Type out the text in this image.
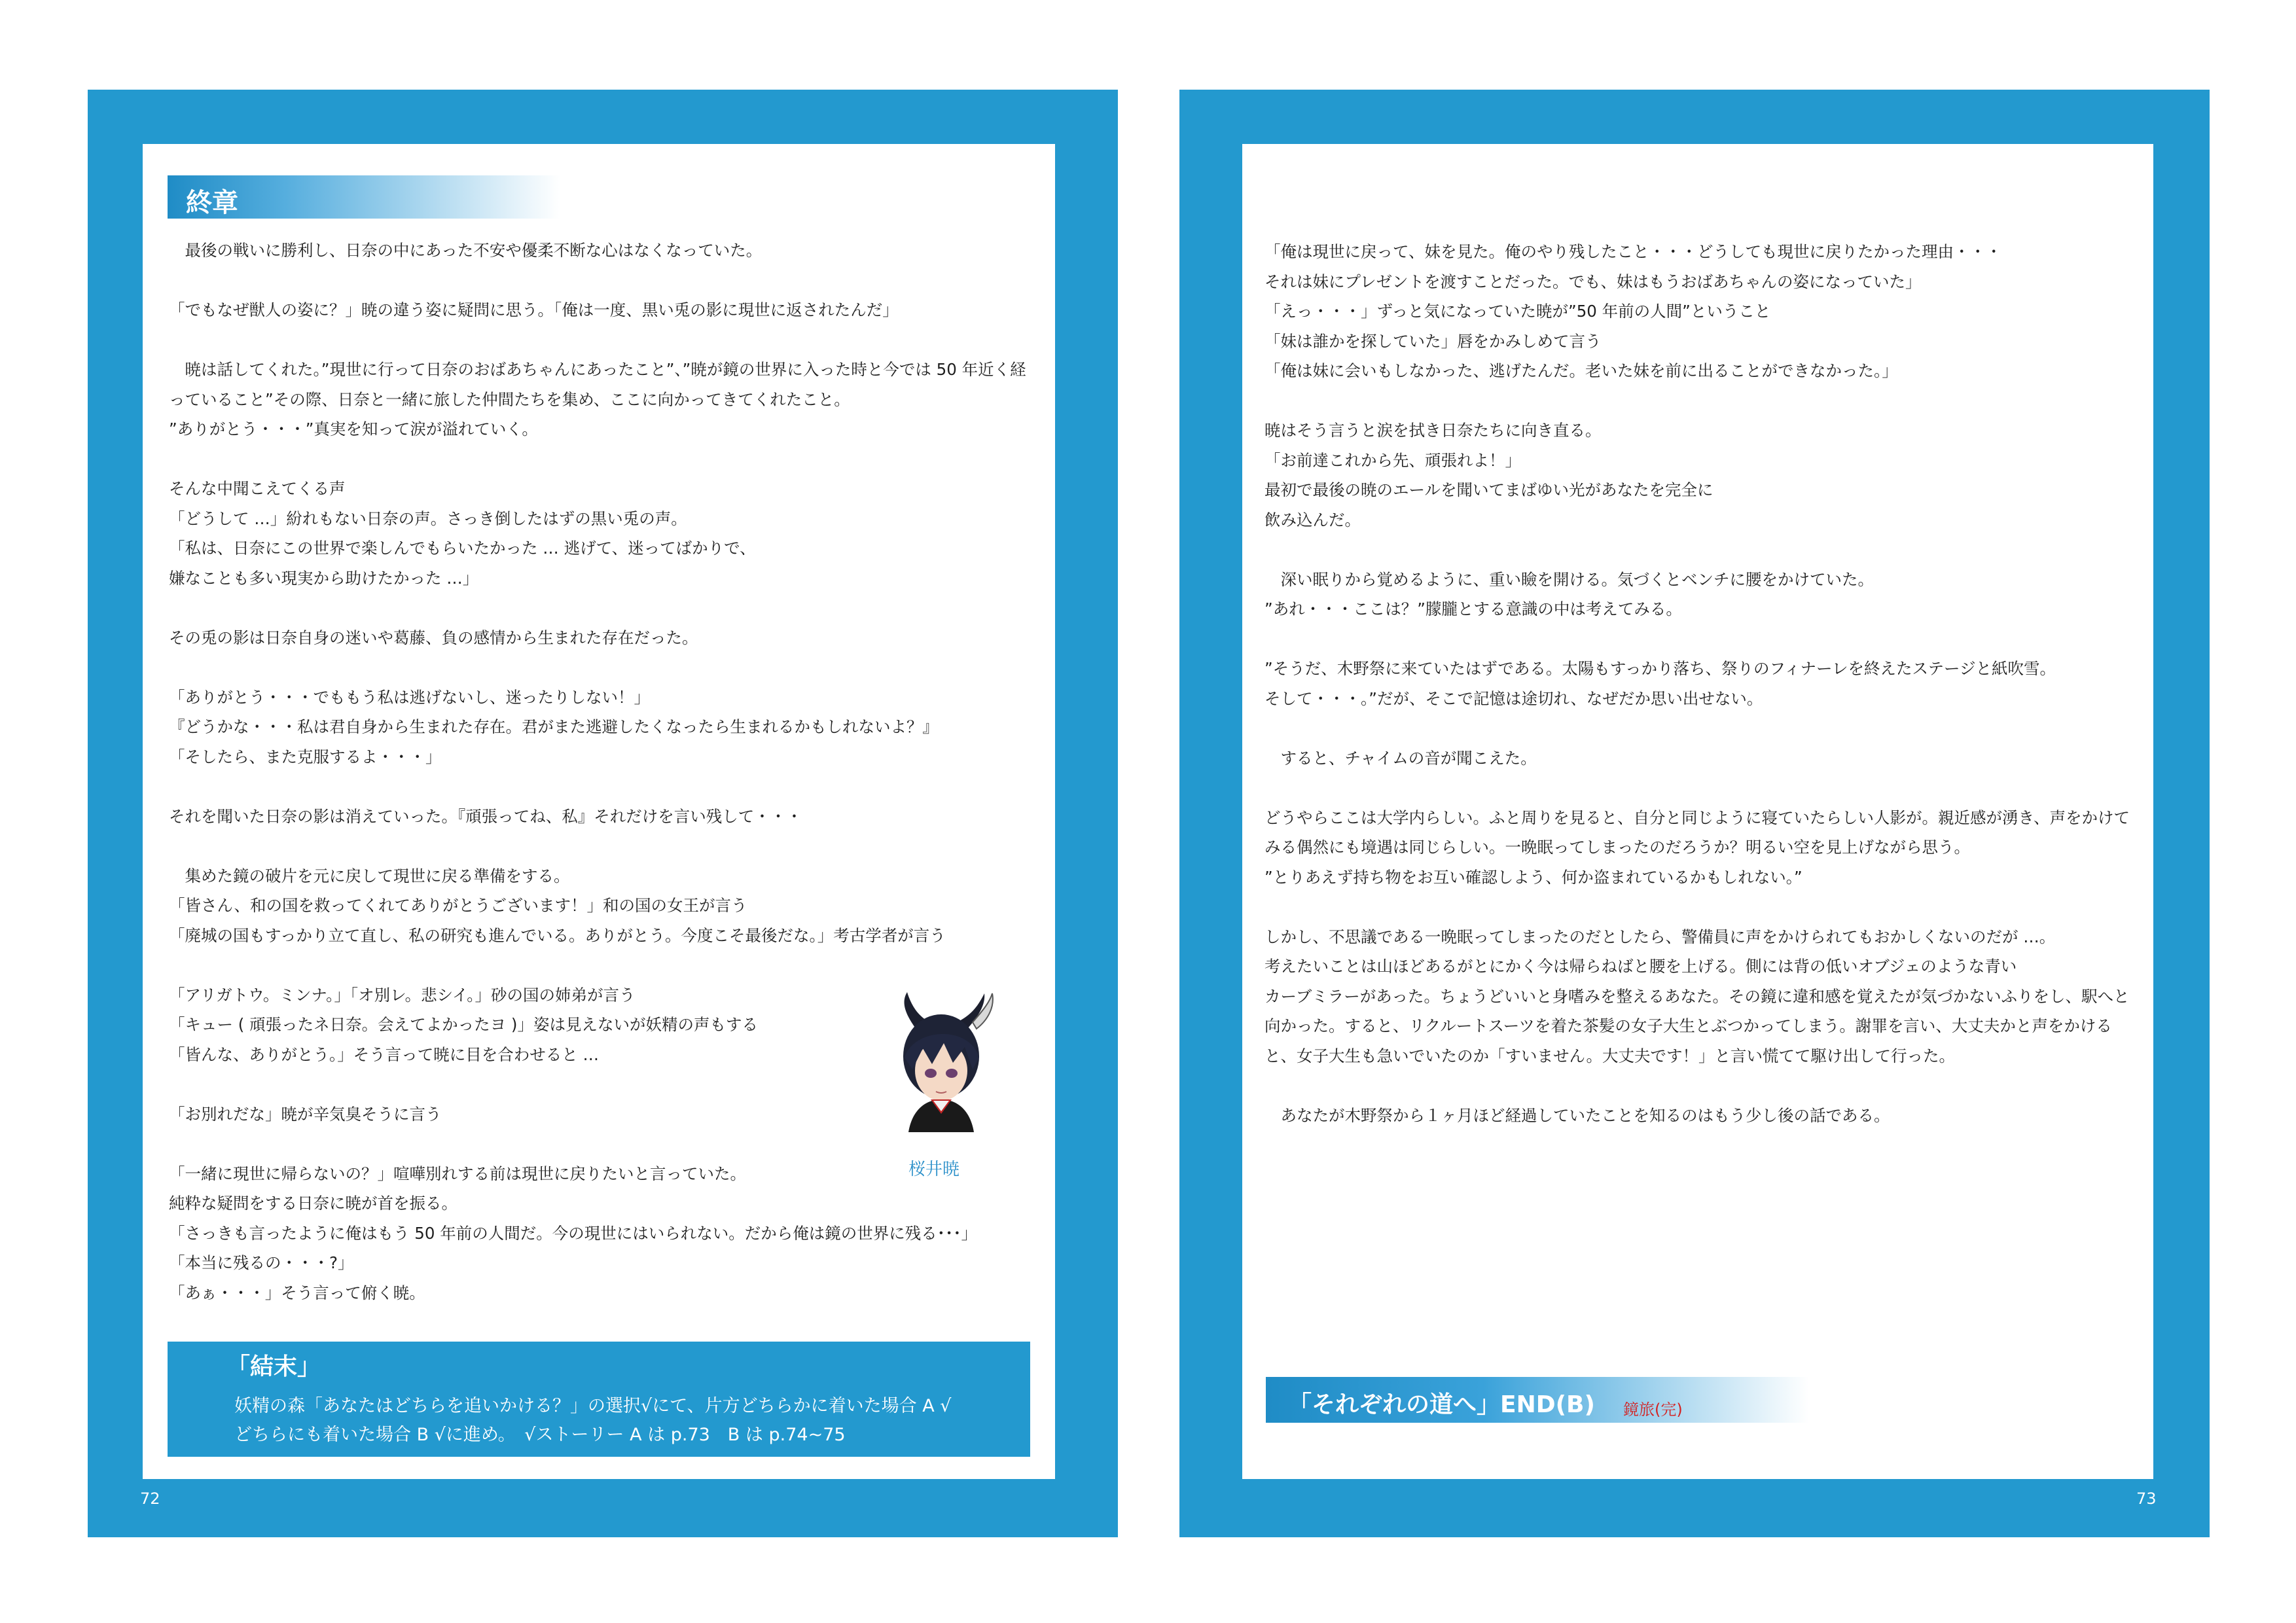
終章
　最後の戦いに勝利し、日奈の中にあった不安や優柔不断な心はなくなっていた。

「でもなぜ獣人の姿に？」暁の違う姿に疑問に思う。「俺は一度、黒い兎の影に現世に返されたんだ」

　暁は話してくれた。”現世に行って日奈のおばあちゃんにあったこと”、”暁が鏡の世界に入った時と今では 50 年近く経っていること”その際、日奈と一緒に旅した仲間たちを集め、ここに向かってきてくれたこと。
”ありがとう・・・”真実を知って涙が溢れていく。

そんな中聞こえてくる声
「どうして …」紛れもない日奈の声。さっき倒したはずの黒い兎の声。
「私は、日奈にこの世界で楽しんでもらいたかった … 逃げて、迷ってばかりで、
嫌なことも多い現実から助けたかった …」

その兎の影は日奈自身の迷いや葛藤、負の感情から生まれた存在だった。

「ありがとう・・・でももう私は逃げないし、迷ったりしない！」
『どうかな・・・私は君自身から生まれた存在。君がまた逃避したくなったら生まれるかもしれないよ？』
「そしたら、また克服するよ・・・」

それを聞いた日奈の影は消えていった。『頑張ってね、私』それだけを言い残して・・・

　集めた鏡の破片を元に戻して現世に戻る準備をする。
「皆さん、和の国を救ってくれてありがとうございます！」和の国の女王が言う
「廃城の国もすっかり立て直し、私の研究も進んでいる。ありがとう。今度こそ最後だな。」考古学者が言う

「アリガトウ。ミンナ。」「オ別レ。悲シイ。」砂の国の姉弟が言う
「キュー ( 頑張ったネ日奈。会えてよかったヨ )」姿は見えないが妖精の声もする
「皆んな、ありがとう。」そう言って暁に目を合わせると …

「お別れだな」暁が辛気臭そうに言う

「一緒に現世に帰らないの？」喧嘩別れする前は現世に戻りたいと言っていた。
純粋な疑問をする日奈に暁が首を振る。
「さっきも言ったように俺はもう 50 年前の人間だ。今の現世にはいられない。だから俺は鏡の世界に残る･･･」
「本当に残るの・・・?」
「あぁ・・・」そう言って俯く暁。
桜井暁
「結末」
妖精の森「あなたはどちらを追いかける？」の選択√にて、片方どちらかに着いた場合 A √
どちらにも着いた場合 B √に進め。　√ストーリー A は p.73　B は p.74~75
「俺は現世に戻って、妹を見た。俺のやり残したこと・・・どうしても現世に戻りたかった理由・・・
それは妹にプレゼントを渡すことだった。でも、妹はもうおばあちゃんの姿になっていた」
「えっ・・・」ずっと気になっていた暁が”50 年前の人間”ということ
「妹は誰かを探していた」唇をかみしめて言う
「俺は妹に会いもしなかった、逃げたんだ。老いた妹を前に出ることができなかった。」

暁はそう言うと涙を拭き日奈たちに向き直る。
「お前達これから先、頑張れよ！」
最初で最後の暁のエールを聞いてまばゆい光があなたを完全に
飲み込んだ。

　深い眠りから覚めるように、重い瞼を開ける。気づくとベンチに腰をかけていた。
”あれ・・・ここは？”朦朧とする意識の中は考えてみる。

”そうだ、木野祭に来ていたはずである。太陽もすっかり落ち、祭りのフィナーレを終えたステージと紙吹雪。
そして・・・。”だが、そこで記憶は途切れ、なぜだか思い出せない。

　すると、チャイムの音が聞こえた。

どうやらここは大学内らしい。ふと周りを見ると、自分と同じように寝ていたらしい人影が。親近感が湧き、声をかけてみる偶然にも境遇は同じらしい。一晩眠ってしまったのだろうか？明るい空を見上げながら思う。
”とりあえず持ち物をお互い確認しよう、何か盗まれているかもしれない。”

しかし、不思議である一晩眠ってしまったのだとしたら、警備員に声をかけられてもおかしくないのだが …。
考えたいことは山ほどあるがとにかく今は帰らねばと腰を上げる。側には背の低いオブジェのような青い
カーブミラーがあった。ちょうどいいと身嗜みを整えるあなた。その鏡に違和感を覚えたが気づかないふりをし、駅へと向かった。すると、リクルートスーツを着た茶髪の女子大生とぶつかってしまう。謝罪を言い、大丈夫かと声をかけると、女子大生も急いでいたのか「すいません。大丈夫です！」と言い慌てて駆け出して行った。

　あなたが木野祭から１ヶ月ほど経過していたことを知るのはもう少し後の話である。
「それぞれの道へ」END(B) 鏡旅(完)
72	73
